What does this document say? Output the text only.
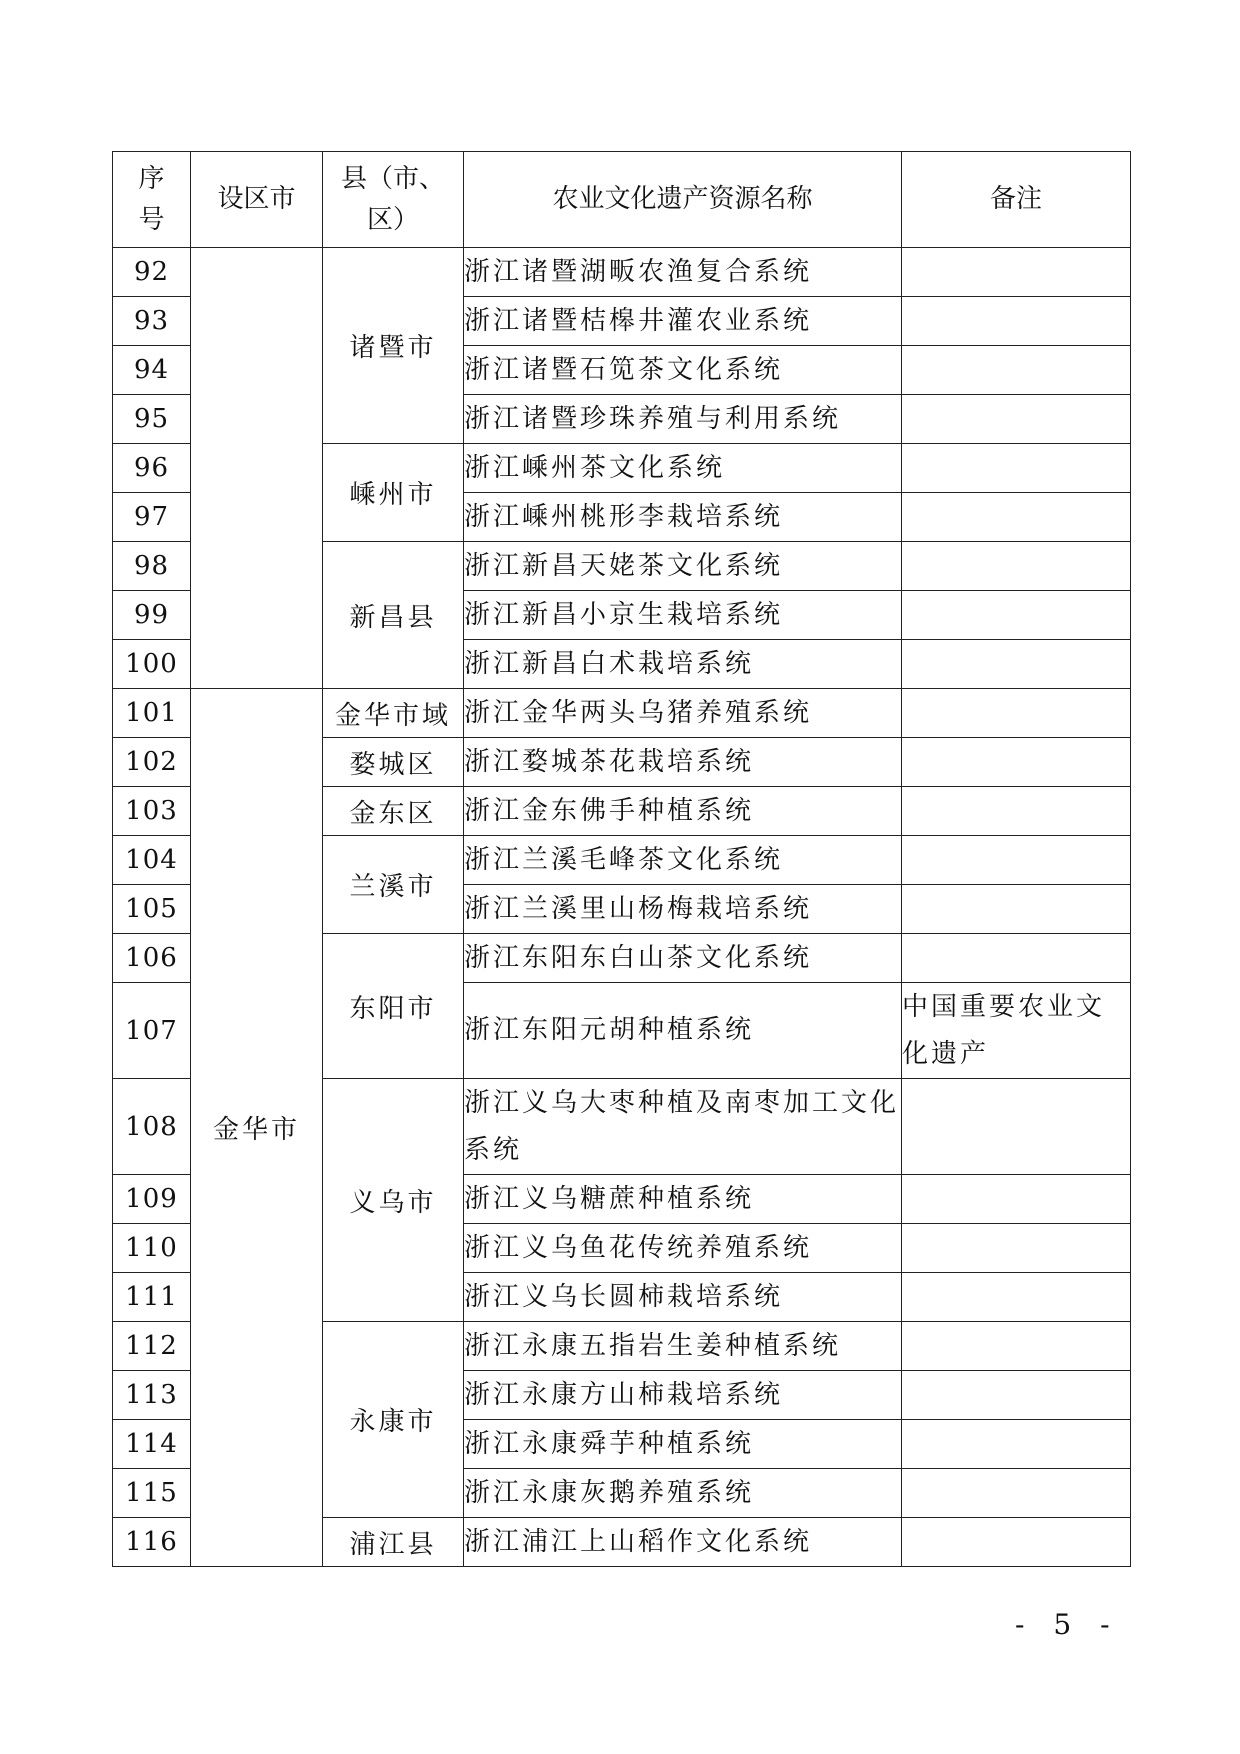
序号	设区市	县（市、区）	农业文化遗产资源名称	备注
92		诸暨市	浙江诸暨湖畈农渔复合系统	
93			浙江诸暨桔槔井灌农业系统	
94			浙江诸暨石笕茶文化系统	
95			浙江诸暨珍珠养殖与利用系统	
96		嵊州市	浙江嵊州茶文化系统	
97			浙江嵊州桃形李栽培系统	
98		新昌县	浙江新昌天姥茶文化系统	
99			浙江新昌小京生栽培系统	
100			浙江新昌白术栽培系统	
101	金华市	金华市域	浙江金华两头乌猪养殖系统	
102		婺城区	浙江婺城茶花栽培系统	
103		金东区	浙江金东佛手种植系统	
104		兰溪市	浙江兰溪毛峰茶文化系统	
105			浙江兰溪里山杨梅栽培系统	
106		东阳市	浙江东阳东白山茶文化系统	
107			浙江东阳元胡种植系统	中国重要农业文化遗产
108		义乌市	浙江义乌大枣种植及南枣加工文化系统	
109			浙江义乌糖蔗种植系统	
110			浙江义乌鱼花传统养殖系统	
111			浙江义乌长圆柿栽培系统	
112		永康市	浙江永康五指岩生姜种植系统	
113			浙江永康方山柿栽培系统	
114			浙江永康舜芋种植系统	
115			浙江永康灰鹅养殖系统	
116		浦江县	浙江浦江上山稻作文化系统	
- 5 -
